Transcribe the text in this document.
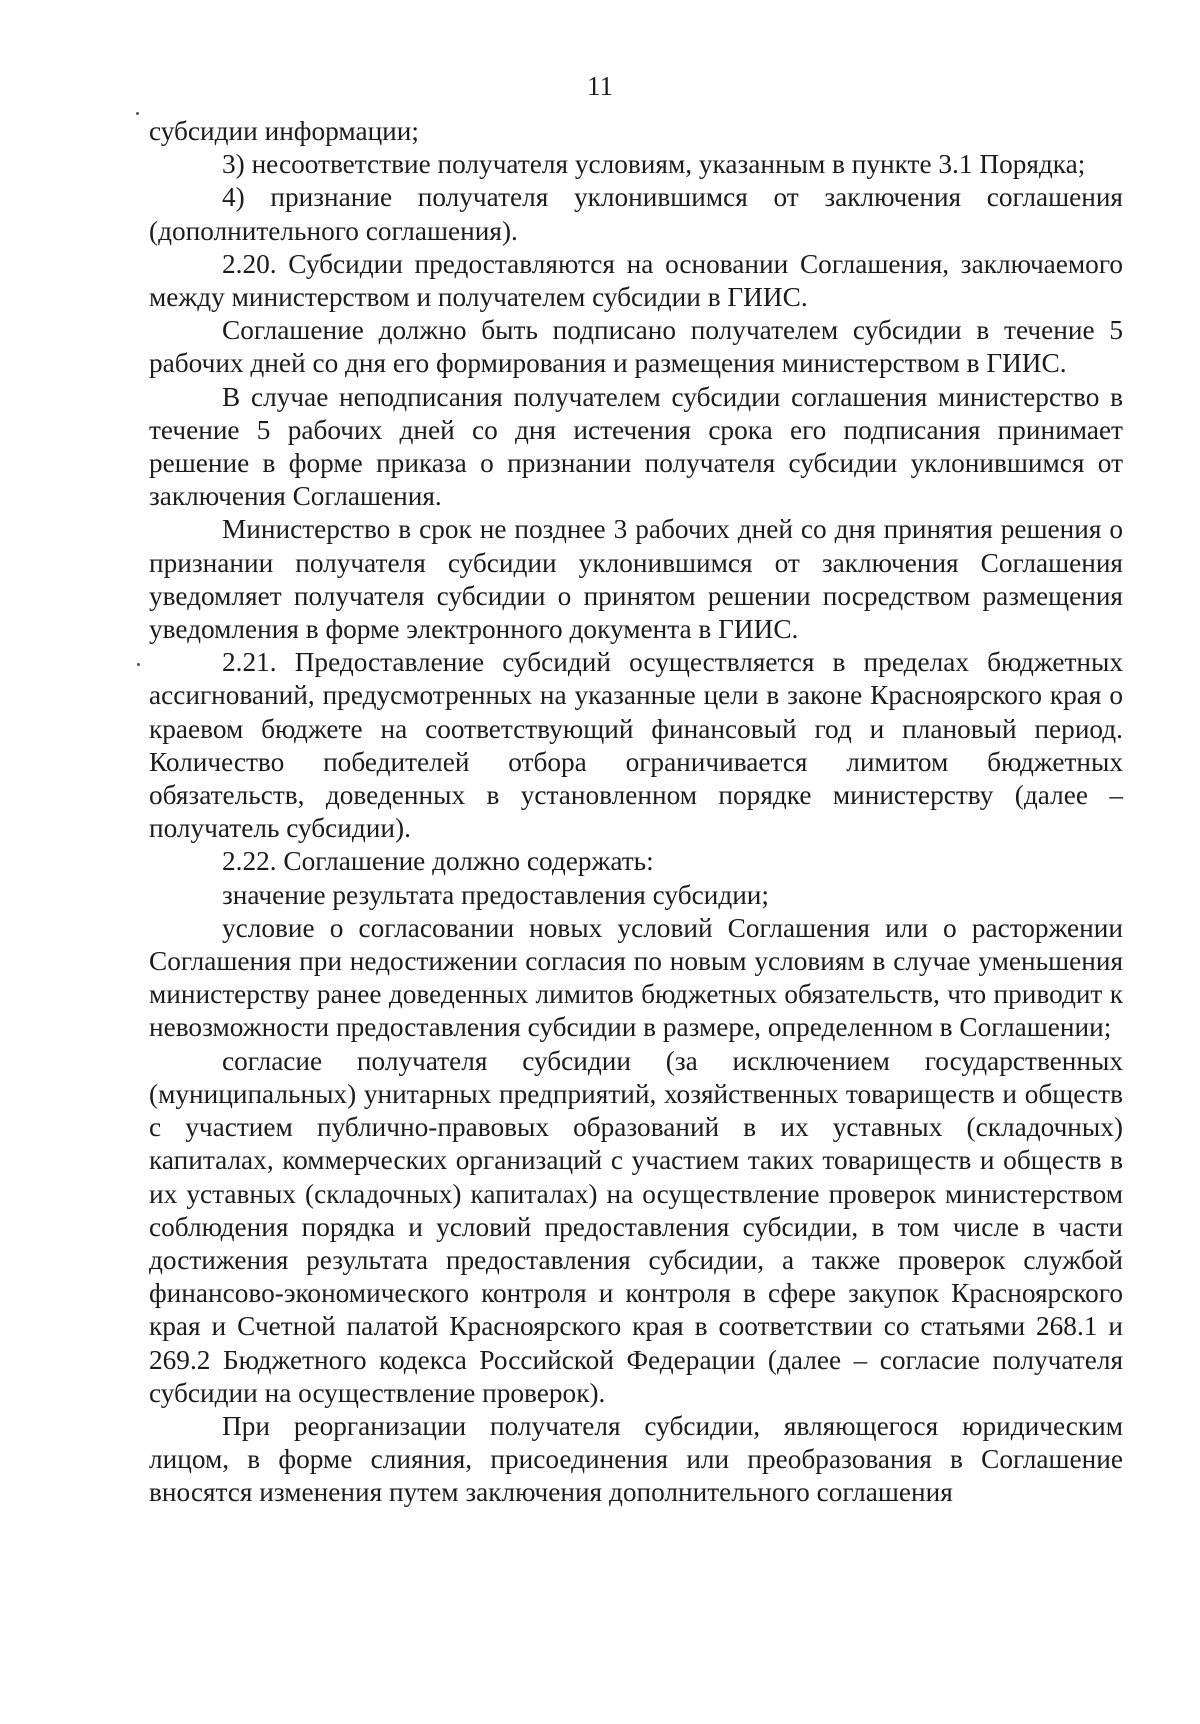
11

субсидии информации;

3) несоответствие получателя условиям, указанным в пункте 3.1 Порядка;

4) признание получателя уклонившимся от заключения соглашения (дополнительного соглашения).

2.20. Субсидии предоставляются на основании Соглашения, заключаемого между министерством и получателем субсидии в ГИИС.

Соглашение должно быть подписано получателем субсидии в течение 5 рабочих дней со дня его формирования и размещения министерством в ГИИС.

В случае неподписания получателем субсидии соглашения министерство в течение 5 рабочих дней со дня истечения срока его подписания принимает решение в форме приказа о признании получателя субсидии уклонившимся от заключения Соглашения.

Министерство в срок не позднее 3 рабочих дней со дня принятия решения о признании получателя субсидии уклонившимся от заключения Соглашения уведомляет получателя субсидии о принятом решении посредством размещения уведомления в форме электронного документа в ГИИС.

2.21. Предоставление субсидий осуществляется в пределах бюджетных ассигнований, предусмотренных на указанные цели в законе Красноярского края о краевом бюджете на соответствующий финансовый год и плановый период. Количество победителей отбора ограничивается лимитом бюджетных обязательств, доведенных в установленном порядке министерству (далее – получатель субсидии).

2.22. Соглашение должно содержать:

значение результата предоставления субсидии;

условие о согласовании новых условий Соглашения или о расторжении Соглашения при недостижении согласия по новым условиям в случае уменьшения министерству ранее доведенных лимитов бюджетных обязательств, что приводит к невозможности предоставления субсидии в размере, определенном в Соглашении;

согласие получателя субсидии (за исключением государственных (муниципальных) унитарных предприятий, хозяйственных товариществ и обществ с участием публично-правовых образований в их уставных (складочных) капиталах, коммерческих организаций с участием таких товариществ и обществ в их уставных (складочных) капиталах) на осуществление проверок министерством соблюдения порядка и условий предоставления субсидии, в том числе в части достижения результата предоставления субсидии, а также проверок службой финансово-экономического контроля и контроля в сфере закупок Красноярского края и Счетной палатой Красноярского края в соответствии со статьями 268.1 и 269.2 Бюджетного кодекса Российской Федерации (далее – согласие получателя субсидии на осуществление проверок).

При реорганизации получателя субсидии, являющегося юридическим лицом, в форме слияния, присоединения или преобразования в Соглашение вносятся изменения путем заключения дополнительного соглашения
